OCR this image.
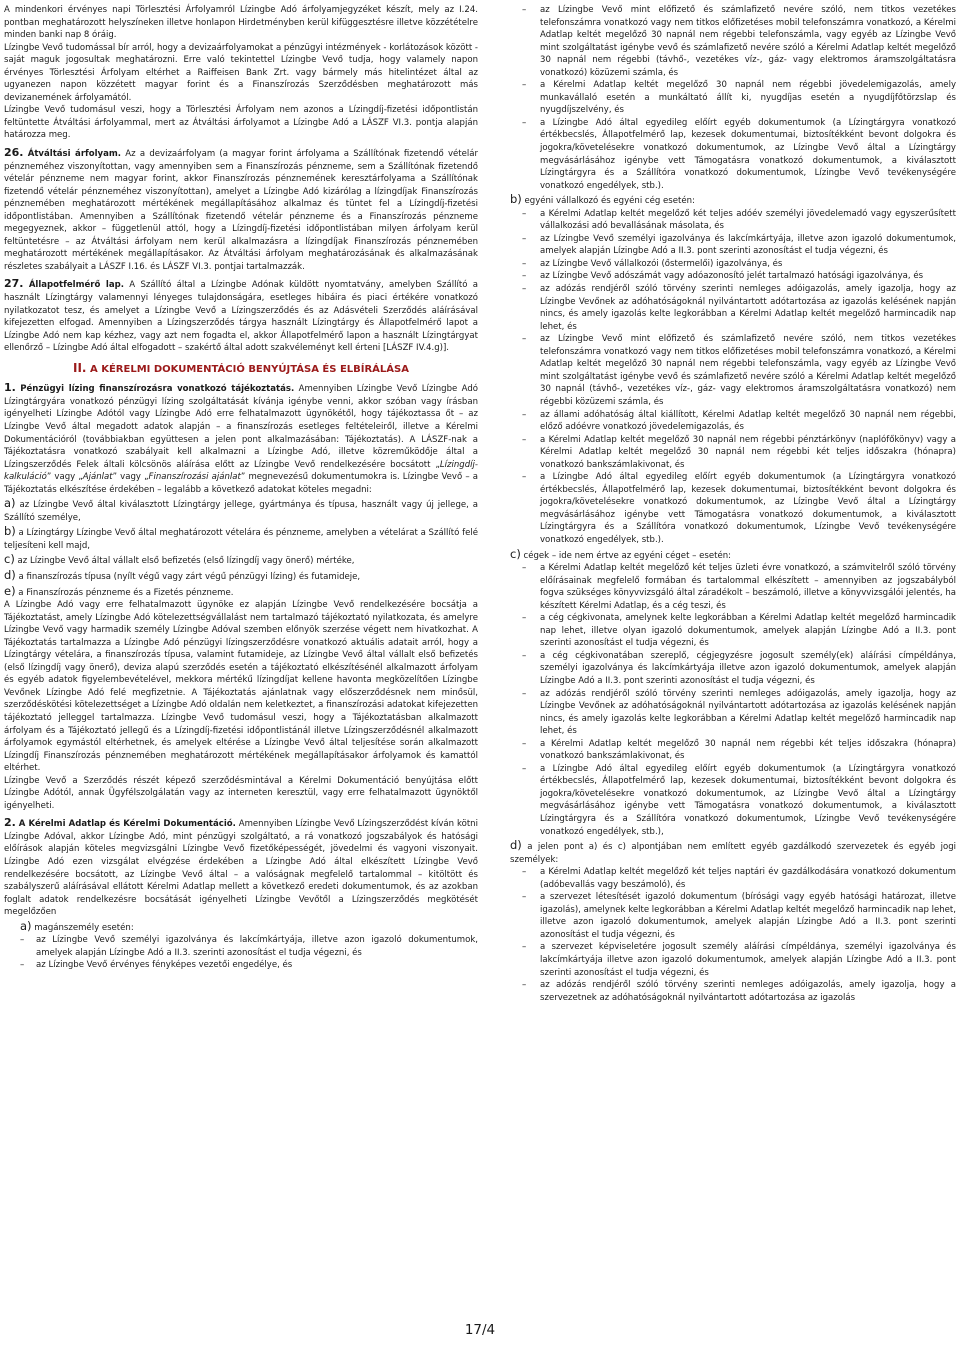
A mindenkori érvényes napi Törlesztési Árfolyamról Lízingbe Adó árfolyamjegyzéket készít, mely az I.24. pontban meghatározott helyszíneken illetve honlapon Hirdetményben kerül kifüggesztésre illetve közzétételre minden banki nap 8 óráig.

Lízingbe Vevő tudomással bír arról, hogy a devizaárfolyamokat a pénzügyi intézmények - korlátozások között - saját maguk jogosultak meghatározni. Erre való tekintettel Lízingbe Vevő tudja, hogy valamely napon érvényes Törlesztési Árfolyam eltérhet a Raiffeisen Bank Zrt. vagy bármely más hitelintézet által az ugyanezen napon közzétett magyar forint és a Finanszírozás Szerződésben meghatározott más devizanemének árfolyamától.

Lízingbe Vevő tudomásul veszi, hogy a Törlesztési Árfolyam nem azonos a Lízingdíj-fizetési időpontlistán feltüntette Átváltási árfolyammal, mert az Átváltási árfolyamot a Lízingbe Adó a LÁSZF VI.3. pontja alapján határozza meg.

26. Átváltási árfolyam. Az a devizaárfolyam (a magyar forint árfolyama a Szállítónak fizetendő vételár pénzneméhez viszonyítottan, vagy amennyiben sem a Finanszírozás pénzneme, sem a Szállítónak fizetendő vételár pénzneme nem magyar forint, akkor Finanszírozás pénznemének keresztárfolyama a Szállítónak fizetendő vételár pénzneméhez viszonyítottan), amelyet a Lízingbe Adó kizárólag a lízingdíjak Finanszírozás pénznemében meghatározott mértékének megállapításához alkalmaz és tüntet fel a Lízingdíj-fizetési időpontlistában. Amennyiben a Szállítónak fizetendő vételár pénzneme és a Finanszírozás pénzneme megegyeznek, akkor – függetlenül attól, hogy a Lízingdíj-fizetési időpontlistában milyen árfolyam kerül feltüntetésre – az Átváltási árfolyam nem kerül alkalmazásra a lízingdíjak Finanszírozás pénznemében meghatározott mértékének megállapításakor. Az Átváltási árfolyam meghatározásának és alkalmazásának részletes szabályait a LÁSZF I.16. és LÁSZF VI.3. pontjai tartalmazzák.

27. Állapotfelmérő lap. A Szállító által a Lízingbe Adónak küldött nyomtatvány, amelyben Szállító a használt Lízingtárgy valamennyi lényeges tulajdonságára, esetleges hibáira és piaci értékére vonatkozó nyilatkozatot tesz, és amelyet a Lízingbe Vevő a Lízingszerződés és az Adásvételi Szerződés aláírásával kifejezetten elfogad. Amennyiben a Lízingszerződés tárgya használt Lízingtárgy és Állapotfelmérő lapot a Lízingbe Adó nem kap kézhez, vagy azt nem fogadta el, akkor Állapotfelmérő lapon a használt Lízingtárgyat ellenőrző – Lízingbe Adó által elfogadott – szakértő által adott szakvéleményt kell érteni [LÁSZF IV.4.g)].

II. A KÉRELMI DOKUMENTÁCIÓ BENYÚJTÁSA ÉS ELBÍRÁLÁSA

1. Pénzügyi lízing finanszírozásra vonatkozó tájékoztatás. Amennyiben Lízingbe Vevő Lízingbe Adó Lízingtárgyára vonatkozó pénzügyi lízing szolgáltatását kívánja igénybe venni, akkor szóban vagy írásban igényelheti Lízingbe Adótól vagy Lízingbe Adó erre felhatalmazott ügynökétől, hogy tájékoztassa őt – az Lízingbe Vevő által megadott adatok alapján – a finanszírozás esetleges feltételeiről, illetve a Kérelmi Dokumentációról (továbbiakban együttesen a jelen pont alkalmazásában: Tájékoztatás). A LÁSZF-nak a Tájékoztatásra vonatkozó szabályait kell alkalmazni a Lízingbe Adó, illetve közreműködője által a Lízingszerződés Felek általi kölcsönös aláírása előtt az Lízingbe Vevő rendelkezésére bocsátott „Lízingdíj-kalkuláció” vagy „Ajánlat” vagy „Finanszírozási ajánlat” megnevezésű dokumentumokra is. Lízingbe Vevő – a Tájékoztatás elkészítése érdekében – legalább a következő adatokat köteles megadni:

a) az Lízingbe Vevő által kiválasztott Lízingtárgy jellege, gyártmánya és típusa, használt vagy új jellege, a Szállító személye,

b) a Lízingtárgy Lízingbe Vevő által meghatározott vételára és pénzneme, amelyben a vételárat a Szállító felé teljesíteni kell majd,

c) az Lízingbe Vevő által vállalt első befizetés (első lízingdíj vagy önerő) mértéke,

d) a finanszírozás típusa (nyílt végű vagy zárt végű pénzügyi lízing) és futamideje,

e) a Finanszírozás pénzneme és a Fizetés pénzneme.

A Lízingbe Adó vagy erre felhatalmazott ügynöke ez alapján Lízingbe Vevő rendelkezésére bocsátja a Tájékoztatást, amely Lízingbe Adó kötelezettségvállalást nem tartalmazó tájékoztató nyilatkozata, és amelyre Lízingbe Vevő vagy harmadik személy Lízingbe Adóval szemben előnyök szerzése végett nem hivatkozhat. A Tájékoztatás tartalmazza a Lízingbe Adó pénzügyi lízingszerződésre vonatkozó aktuális adatait arról, hogy a Lízingtárgy vételára, a finanszírozás típusa, valamint futamideje, az Lízingbe Vevő által vállalt első befizetés (első lízingdíj vagy önerő), devizа alapú szerződés esetén a tájékoztató elkészítésénél alkalmazott árfolyam és egyéb adatok figyelembevételével, mekkora mértékű lízingdíjat kellene havonta megközelítően Lízingbe Vevőnek Lízingbe Adó felé megfizetnie. A Tájékoztatás ajánlatnak vagy előszerződésnek nem minősül, szerződéskötési kötelezettséget a Lízingbe Adó oldalán nem keletkeztet, a finanszírozási adatokat kifejezetten tájékoztató jelleggel tartalmazza. Lízingbe Vevő tudomásul veszi, hogy a Tájékoztatásban alkalmazott árfolyam és a Tájékoztató jellegű és a Lízingdíj-fizetési időpontlistánál illetve Lízingszerződésnél alkalmazott árfolyamok egymástól eltérhetnek, és amelyek eltérése a Lízingbe Vevő által teljesítése során alkalmazott Lízingdíj Finanszírozás pénznemében meghatározott mértékének megállapításakor árfolyamok és kamattól eltérhet.

Lízingbe Vevő a Szerződés részét képező szerződésmintával a Kérelmi Dokumentáció benyújtása előtt Lízingbe Adótól, annak Ügyfélszolgálatán vagy az interneten keresztül, vagy erre felhatalmazott ügynöktől igényelheti.

2. A Kérelmi Adatlap és Kérelmi Dokumentáció. Amennyiben Lízingbe Vevő Lízingszerződést kíván kötni Lízingbe Adóval, akkor Lízingbe Adó, mint pénzügyi szolgáltató, a rá vonatkozó jogszabályok és hatósági előírások alapján köteles megvizsgálni Lízingbe Vevő fizetőképességét, jövedelmi és vagyoni viszonyait. Lízingbe Adó ezen vizsgálat elvégzése érdekében a Lízingbe Adó által elkészített Lízingbe Vevő rendelkezésére bocsátott, az Lízingbe Vevő által – a valóságnak megfelelő tartalommal – kitöltött és szabályszerű aláírásával ellátott Kérelmi Adatlap mellett a következő eredeti dokumentumok, és az azokban foglalt adatok rendelkezésre bocsátását igényelheti Lízingbe Vevőtől a Lízingszerződés megkötését megelőzően

a) magánszemély esetén:

– az Lízingbe Vevő személyi igazolványa és lakcímkártyája, illetve azon igazoló dokumentumok, amelyek alapján Lízingbe Adó a II.3. szerinti azonosítást el tudja végezni, és
– az Lízingbe Vevő érvényes fényképes vezetői engedélye, és
– az Lízingbe Vevő mint előfizető és számlafizető nevére szóló, nem titkos vezetékes telefonszámra vonatkozó vagy nem titkos előfizetéses mobil telefonszámra vonatkozó, a Kérelmi Adatlap keltét megelőző 30 napnál nem régebbi telefonszámla, vagy egyéb az Lízingbe Vevő mint szolgáltatást igénybe vevő és számlafizető nevére szóló a Kérelmi Adatlap keltét megelőző 30 napnál nem régebbi (távhő-, vezetékes víz-, gáz- vagy elektromos áramszolgáltatásra vonatkozó) közüzemi számla, és
– a Kérelmi Adatlap keltét megelőző 30 napnál nem régebbi jövedelemigazolás, amely munkavállaló esetén a munkáltató állít ki, nyugdíjas esetén a nyugdíjfőtörzslap és nyugdíjszelvény, és
– a Lízingbe Adó által egyedileg előírt egyéb dokumentumok (a Lízingtárgyra vonatkozó értékbecslés, Állapotfelmérő lap, kezesek dokumentumai, biztosítékként bevont dolgokra és jogokra/követelésekre vonatkozó dokumentumok, az Lízingbe Vevő által a Lízingtárgy megvásárlásához igénybe vett Támogatásra vonatkozó dokumentumok, a kiválasztott Lízingtárgyra és a Szállítóra vonatkozó dokumentumok, Lízingbe Vevő tevékenységére vonatkozó engedélyek, stb.).

b) egyéni vállalkozó és egyéni cég esetén:

– a Kérelmi Adatlap keltét megelőző két teljes adóév személyi jövedelemadó vagy egyszerűsített vállalkozási adó bevallásának másolata, és
– az Lízingbe Vevő személyi igazolványa és lakcímkártyája, illetve azon igazoló dokumentumok, amelyek alapján Lízingbe Adó a II.3. pont szerinti azonosítást el tudja végezni, és
– az Lízingbe Vevő vállalkozói (őstermelői) igazolványa, és
– az Lízingbe Vevő adószámát vagy adóazonosító jelét tartalmazó hatósági igazolványa, és
– az adózás rendjéről szóló törvény szerinti nemleges adóigazolás, amely igazolja, hogy az Lízingbe Vevőnek az adóhatóságoknál nyilvántartott adótartozása az igazolás kelésének napján nincs, és amely igazolás kelte legkorábban a Kérelmi Adatlap keltét megelőző harmincadik nap lehet, és
– az Lízingbe Vevő mint előfizető és számlafizető nevére szóló, nem titkos vezetékes telefonszámra vonatkozó vagy nem titkos előfizetéses mobil telefonszámra vonatkozó, a Kérelmi Adatlap keltét megelőző 30 napnál nem régebbi telefonszámla, vagy egyéb az Lízingbe Vevő mint szolgáltatást igénybe vevő és számlafizető nevére szóló a Kérelmi Adatlap keltét megelőző 30 napnál (távhő-, vezetékes víz-, gáz- vagy elektromos áramszolgáltatásra vonatkozó) nem régebbi közüzemi számla, és
– az állami adóhatóság által kiállított, Kérelmi Adatlap keltét megelőző 30 napnál nem régebbi, előző adóévre vonatkozó jövedelemigazolás, és
– a Kérelmi Adatlap keltét megelőző 30 napnál nem régebbi pénztárkönyv (naplófőkönyv) vagy a Kérelmi Adatlap keltét megelőző 30 napnál nem régebbi két teljes időszakra (hónapra) vonatkozó bankszámlakivonat, és
– a Lízingbe Adó által egyedileg előírt egyéb dokumentumok (a Lízingtárgyra vonatkozó értékbecslés, Állapotfelmérő lap, kezesek dokumentumai, biztosítékként bevont dolgokra és jogokra/követelésekre vonatkozó dokumentumok, az Lízingbe Vevő által a Lízingtárgy megvásárlásához igénybe vett Támogatásra vonatkozó dokumentumok, a kiválasztott Lízingtárgyra és a Szállítóra vonatkozó dokumentumok, Lízingbe Vevő tevékenységére vonatkozó engedélyek, stb.).

c) cégek – ide nem értve az egyéni céget – esetén:

– a Kérelmi Adatlap keltét megelőző két teljes üzleti évre vonatkozó, a számvitelről szóló törvény előírásainak megfelelő formában és tartalommal elkészített – amennyiben az jogszabályból fogva szükséges könyvvizsgáló által záradékolt – beszámoló, illetve a könyvvizsgálói jelentés, ha készített Kérelmi Adatlap, és a cég teszi, és
– a cég cégkivonata, amelynek kelte legkorábban a Kérelmi Adatlap keltét megelőző harmincadik nap lehet, illetve olyan igazoló dokumentumok, amelyek alapján Lízingbe Adó a II.3. pont szerinti azonosítást el tudja végezni, és
– a cég cégkivonatában szereplő, cégjegyzésre jogosult személy(ek) aláírási címpéldánya, személyi igazolványa és lakcímkártyája illetve azon igazoló dokumentumok, amelyek alapján Lízingbe Adó a II.3. pont szerinti azonosítást el tudja végezni, és
– az adózás rendjéről szóló törvény szerinti nemleges adóigazolás, amely igazolja, hogy az Lízingbe Vevőnek az adóhatóságoknál nyilvántartott adótartozása az igazolás kelésének napján nincs, és amely igazolás kelte legkorábban a Kérelmi Adatlap keltét megelőző harmincadik nap lehet, és
– a Kérelmi Adatlap keltét megelőző 30 napnál nem régebbi két teljes időszakra (hónapra) vonatkozó bankszámlakivonat, és
– a Lízingbe Adó által egyedileg előírt egyéb dokumentumok (a Lízingtárgyra vonatkozó értékbecslés, Állapotfelmérő lap, kezesek dokumentumai, biztosítékként bevont dolgokra és jogokra/követelésekre vonatkozó dokumentumok, az Lízingbe Vevő által a Lízingtárgy megvásárlásához igénybe vett Támogatásra vonatkozó dokumentumok, a kiválasztott Lízingtárgyra és a Szállítóra vonatkozó dokumentumok, Lízingbe Vevő tevékenységére vonatkozó engedélyek, stb.),

d) a jelen pont a) és c) alpontjában nem említett egyéb gazdálkodó szervezetek és egyéb jogi személyek:

– a Kérelmi Adatlap keltét megelőző két teljes naptári év gazdálkodására vonatkozó dokumentum (adóbevallás vagy beszámoló), és
– a szervezet létesítését igazoló dokumentum (bírósági vagy egyéb hatósági határozat, illetve igazolás), amelynek kelte legkorábban a Kérelmi Adatlap keltét megelőző harmincadik nap lehet, illetve azon igazoló dokumentumok, amelyek alapján Lízingbe Adó a II.3. pont szerinti azonosítást el tudja végezni, és
– a szervezet képviseletére jogosult személy aláírási címpéldánya, személyi igazolványa és lakcímkártyája illetve azon igazoló dokumentumok, amelyek alapján Lízingbe Adó a II.3. pont szerinti azonosítást el tudja végezni, és
– az adózás rendjéről szóló törvény szerinti nemleges adóigazolás, amely igazolja, hogy a szervezetnek az adóhatóságoknál nyilvántartott adótartozása az igazolás
17/4
